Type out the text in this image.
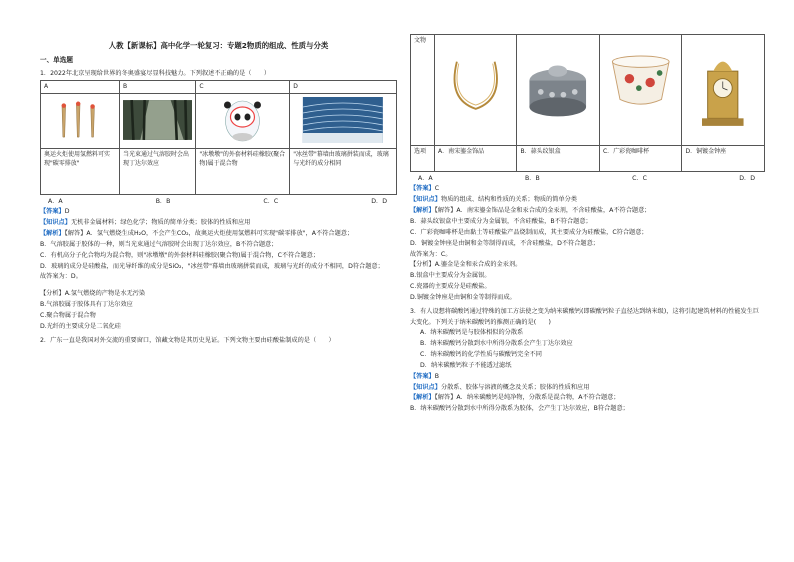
人教【新课标】高中化学一轮复习：专题2物质的组成、性质与分类

一、单选题

1．2022年北京呈现给世界的冬奥盛宴尽显科技魅力。下列叙述不正确的是（　　）

A	B	C	D

奥运火炬使用氢燃料可实现"碳零排放"	当光束通过气溶胶时会出现丁达尔效应	"冰墩墩"的外套材料硅橡胶(聚合物)属于混合物	"冰丝带"幕墙由玻璃拼装而成，玻璃与光纤的成分相同
A．A	B．B	C．C	D．D

【答案】D

【知识点】无机非金属材料；绿色化学；物质的简单分类；胶体的性质和应用

【解析】【解答】A．氢气燃烧生成H₂O，不会产生CO₂，故奥运火炬使用氢燃料可实现"碳零排放"，A不符合题意；

B．气溶胶属于胶体的一种，则当光束通过气溶胶时会出现丁达尔效应，B不符合题意；

C．有机高分子化合物均为混合物，则"冰墩墩"的外套材料硅橡胶(聚合物)属于混合物，C不符合题意；

D．玻璃的成分是硅酸盐，而光导纤维的成分是SiO₂，"冰丝带"幕墙由玻璃拼装而成，玻璃与光纤的成分不相同，D符合题意；

故答案为：D。

【分析】A.氢气燃烧的产物是水无污染

B.气溶胶属于胶体具有丁达尔效应

C.聚合物属于混合物

D.光纤的主要成分是二氧化硅

2．广东一直是我国对外交流的重要窗口，馆藏文物是其历史见证。下列文物主要由硅酸盐制成的是（　　）

文物				
选项	A．南宋鎏金饰品	B．蒜头纹银盒	C．广彩瓷咖啡杯	D．铜镀金钟座
A．A	B．B	C．C	D．D

【答案】C

【知识点】物质的组成、结构和性质的关系；物质的简单分类

【解析】【解答】A．南宋鎏金饰品是金和汞合成的金汞剂，不含硅酸盐，A不符合题意；

B．蒜头纹银盒中主要成分为金属银，不含硅酸盐，B不符合题意；

C．广彩瓷咖啡杯是由黏土等硅酸盐产品烧制而成，其主要成分为硅酸盐，C符合题意；

D．铜镀金钟座是由铜和金等制得而成，不含硅酸盐，D不符合题意；

故答案为：C。

【分析】A.鎏金是金和汞合成的金汞剂。

B.银盒中主要成分为金属银。

C.瓷器的主要成分是硅酸盐。

D.铜镀金钟座是由铜和金等制得而成。

3．有人设想将碳酸钙通过特殊的加工方法使之变为纳米碳酸钙(即碳酸钙粒子直径达到纳米级)，这将引起建筑材料的性能发生巨大变化。下列关于纳米碳酸钙的推测正确的是(　　)

A．纳米碳酸钙是与胶体相似的分散系

B．纳米碳酸钙分散到水中所得分散系会产生丁达尔效应

C．纳米碳酸钙的化学性质与碳酸钙完全不同

D．纳米碳酸钙粒子不能透过滤纸

【答案】B

【知识点】分散系、胶体与溶液的概念及关系；胶体的性质和应用

【解析】【解答】A．纳米碳酸钙是纯净物，分散系是混合物，A不符合题意；

B．纳米碳酸钙分散到水中所得分散系为胶体，会产生丁达尔效应，B符合题意；
